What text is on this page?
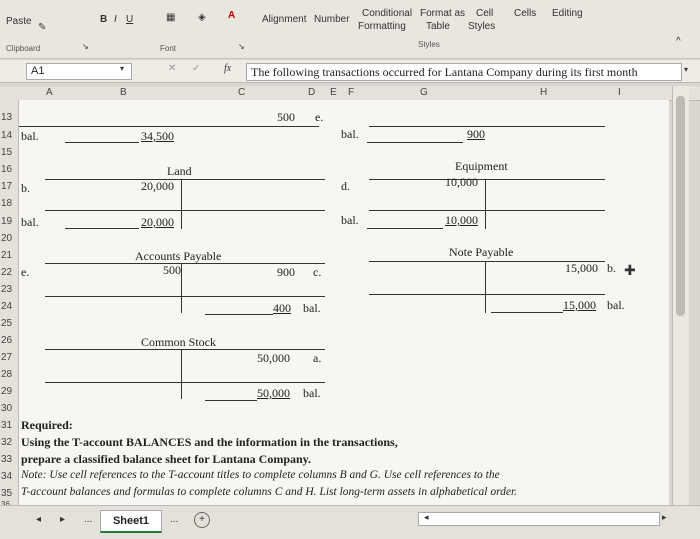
Paste
✎
Clipboard	↘
B I U	▦ ◈ A
Font	↘
Alignment Number
Conditional
Formatting
Format as
Table
Cell
Styles
Styles
Cells Editing
^
A1	▾	✕ ✓ fx	The following transactions occurred for Lantana Company during its first month	▾
A	B	C	D E F	G	H	I
13
14
15
16
17
18
19
20
21
22
23
24
25
26
27
28
29
30
31
32
33
34
35
500 e.
bal.	34,500	bal.	900
Land	Equipment
b.	20,000	d.	10,000
bal.	20,000	bal.	10,000
Accounts Payable	Note Payable
e.	500	900 c.	15,000 b.
400 bal.	15,000 bal.
Common Stock
50,000 a.
50,000 bal.
Required:
Using the T-account BALANCES and the information in the transactions,
prepare a classified balance sheet for Lantana Company.
Note: Use cell references to the T-account titles to complete columns B and G. Use cell references to the
T-account balances and formulas to complete columns C and H. List long-term assets in alphabetical order.
✚
◂ ▸ ...	Sheet1	...	+	◂	▸
